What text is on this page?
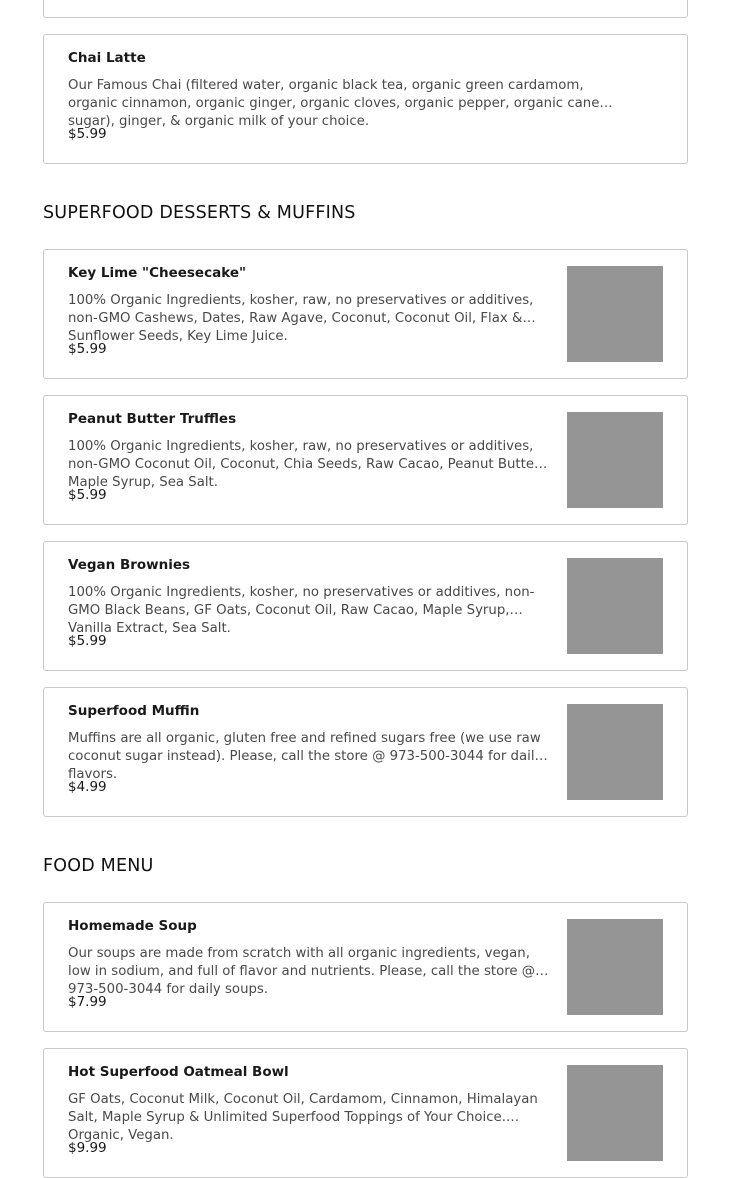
Chai Latte
Our Famous Chai (filtered water, organic black tea, organic green cardamom, organic cinnamon, organic ginger, organic cloves, organic pepper, organic cane sugar), ginger, & organic milk of your choice.
$5.99
SUPERFOOD DESSERTS & MUFFINS
Key Lime "Cheesecake"
100% Organic Ingredients, kosher, raw, no preservatives or additives, non-GMO Cashews, Dates, Raw Agave, Coconut, Coconut Oil, Flax & Sunflower Seeds, Key Lime Juice.
$5.99
Peanut Butter Truffles
100% Organic Ingredients, kosher, raw, no preservatives or additives, non-GMO Coconut Oil, Coconut, Chia Seeds, Raw Cacao, Peanut Butter, Maple Syrup, Sea Salt.
$5.99
Vegan Brownies
100% Organic Ingredients, kosher, no preservatives or additives, non-GMO Black Beans, GF Oats, Coconut Oil, Raw Cacao, Maple Syrup, Vanilla Extract, Sea Salt.
$5.99
Superfood Muffin
Muffins are all organic, gluten free and refined sugars free (we use raw coconut sugar instead). Please, call the store @ 973-500-3044 for daily flavors.
$4.99
FOOD MENU
Homemade Soup
Our soups are made from scratch with all organic ingredients, vegan, low in sodium, and full of flavor and nutrients. Please, call the store @ 973-500-3044 for daily soups.
$7.99
Hot Superfood Oatmeal Bowl
GF Oats, Coconut Milk, Coconut Oil, Cardamom, Cinnamon, Himalayan Salt, Maple Syrup & Unlimited Superfood Toppings of Your Choice. Organic, Vegan.
$9.99
